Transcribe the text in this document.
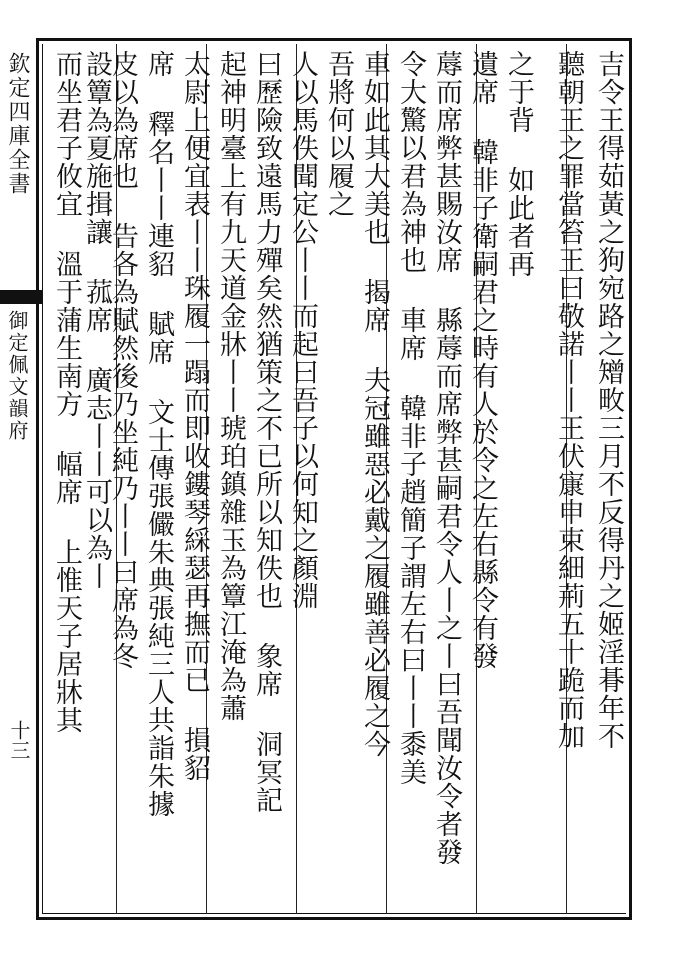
欽定四庫全書
御定佩文韻府
十三	吉令王得茹黃之狗宛路之矰畋三月不反得丹之姬淫朞年不
聽朝王之罪當笞王曰敬諾丨丨王伏㝩申束細荊五十跪而加
之于背 如此者再
遺席 韓非子衛嗣君之時有人於令之左右縣令有發
蓐而席弊甚賜汝席 縣蓐而席弊甚嗣君令人丨之丨曰吾聞汝令者發
令大驚以君為神也 車席 韓非子趙簡子謂左右曰丨丨黍美
車如此其大美也 揭席 夫冠雖惡必戴之履雖善必履之今
吾將何以履之
人以馬佚聞定公丨丨而起曰吾子以何知之顏淵
曰歷險致遠馬力殫矣然猶策之不已所以知佚也 象席 洞冥記
起神明臺上有九天道金牀丨丨琥珀鎮雜玉為簟江淹為蕭
太尉上便宜表丨丨珠履一蹋而即收鏤琴綵瑟再撫而已 損貂
席 釋名丨丨連貂 賦席 文士傳張儼朱典張純三人共詣朱據
皮以為席也 告各為賦然後乃坐純乃丨丨曰席為冬
設簟為夏施揖讓 菰席 廣志丨丨可以為丨
而坐君子攸宜 溫于蒲生南方 幅席 上惟天子居牀其
